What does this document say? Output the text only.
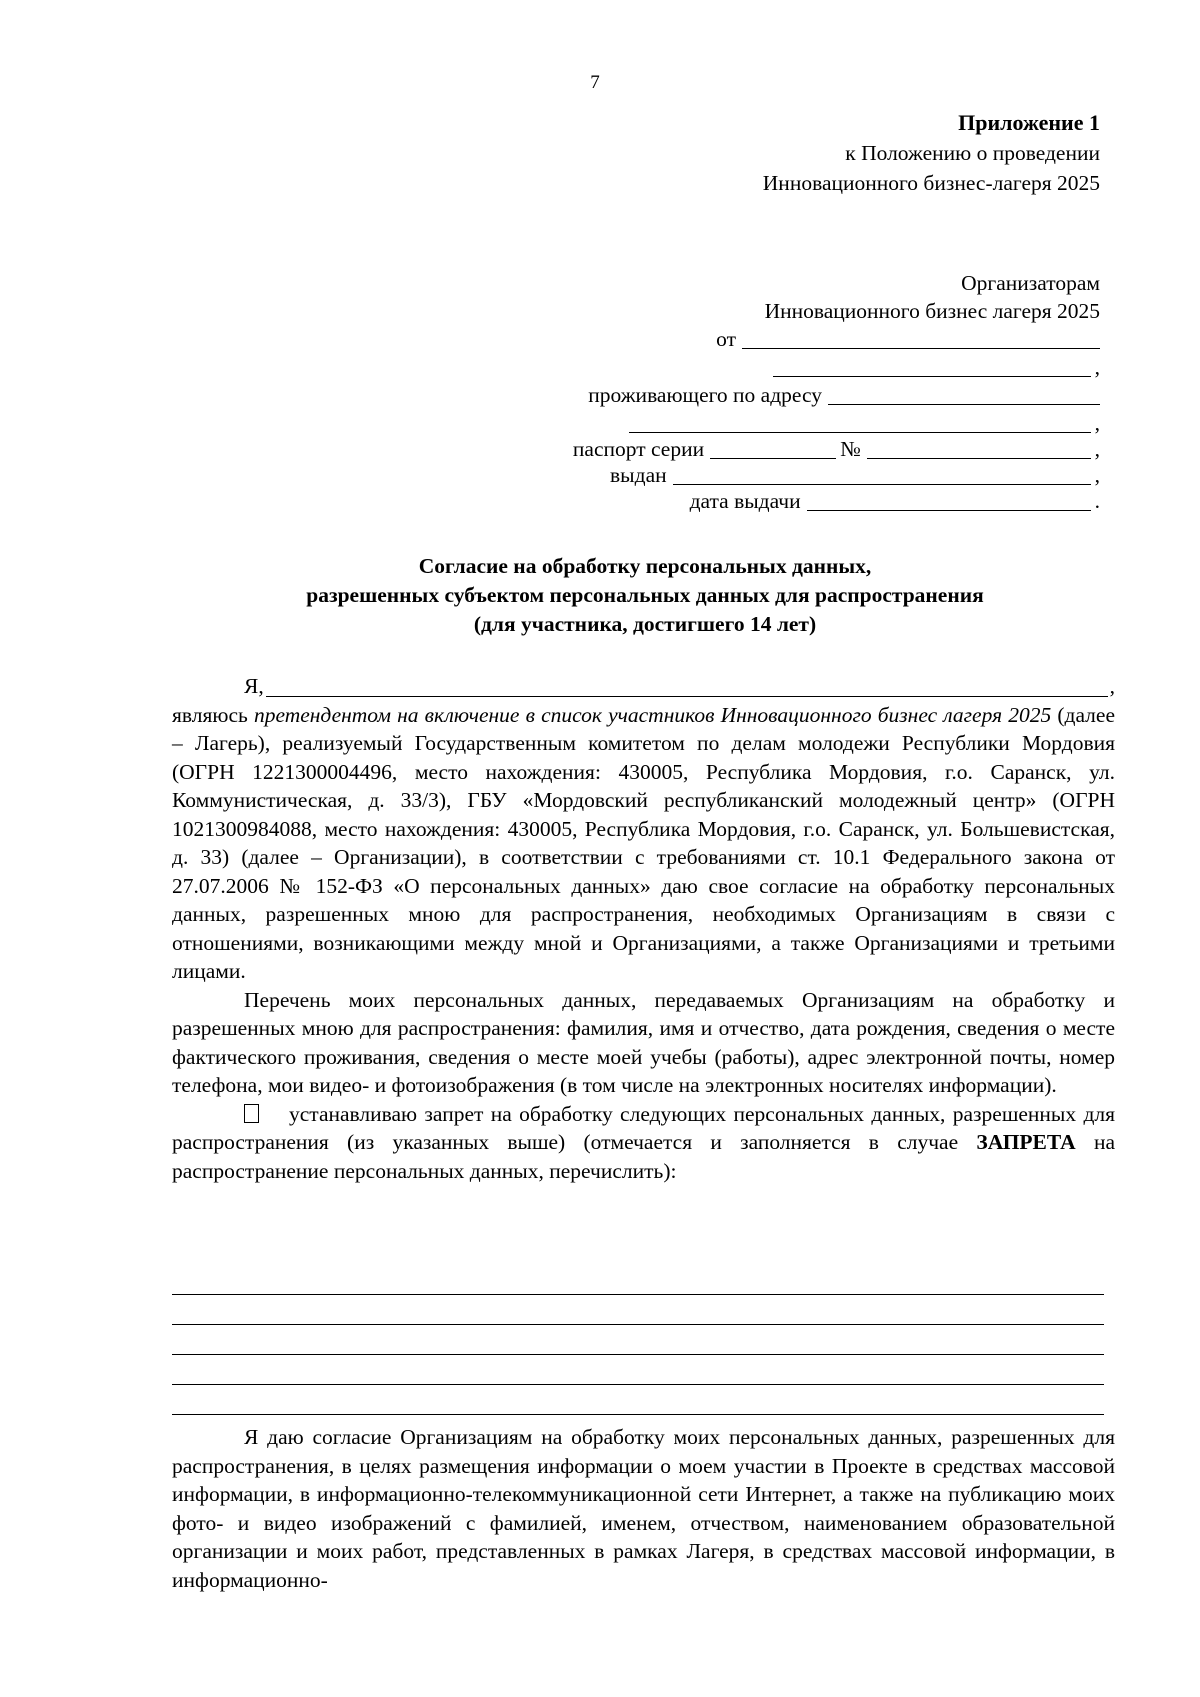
7
Приложение 1
к Положению о проведении
Инновационного бизнес-лагеря 2025
Организаторам
Инновационного бизнес лагеря 2025
от
,
проживающего по адресу
,
паспорт серии	№	,
выдан	,
дата выдачи	.
Согласие на обработку персональных данных,
разрешенных субъектом персональных данных для распространения
(для участника, достигшего 14 лет)
Я,	,
являюсь претендентом на включение в список участников Инновационного бизнес лагеря 2025 (далее – Лагерь), реализуемый Государственным комитетом по делам молодежи Республики Мордовия (ОГРН 1221300004496, место нахождения: 430005, Республика Мордовия, г.о. Саранск, ул. Коммунистическая, д. 33/3), ГБУ «Мордовский республиканский молодежный центр» (ОГРН 1021300984088, место нахождения: 430005, Республика Мордовия, г.о. Саранск, ул. Большевистская, д. 33) (далее – Организации), в соответствии с требованиями ст. 10.1 Федерального закона от 27.07.2006 № 152-ФЗ «О персональных данных» даю свое согласие на обработку персональных данных, разрешенных мною для распространения, необходимых Организациям в связи с отношениями, возникающими между мной и Организациями, а также Организациями и третьими лицами.
Перечень моих персональных данных, передаваемых Организациям на обработку и разрешенных мною для распространения: фамилия, имя и отчество, дата рождения, сведения о месте фактического проживания, сведения о месте моей учебы (работы), адрес электронной почты, номер телефона, мои видео- и фотоизображения (в том числе на электронных носителях информации).
устанавливаю запрет на обработку следующих персональных данных, разрешенных для распространения (из указанных выше) (отмечается и заполняется в случае ЗАПРЕТА на распространение персональных данных, перечислить):
Я даю согласие Организациям на обработку моих персональных данных, разрешенных для распространения, в целях размещения информации о моем участии в Проекте в средствах массовой информации, в информационно-телекоммуникационной сети Интернет, а также на публикацию моих фото- и видео изображений с фамилией, именем, отчеством, наименованием образовательной организации и моих работ, представленных в рамках Лагеря, в средствах массовой информации, в информационно-
